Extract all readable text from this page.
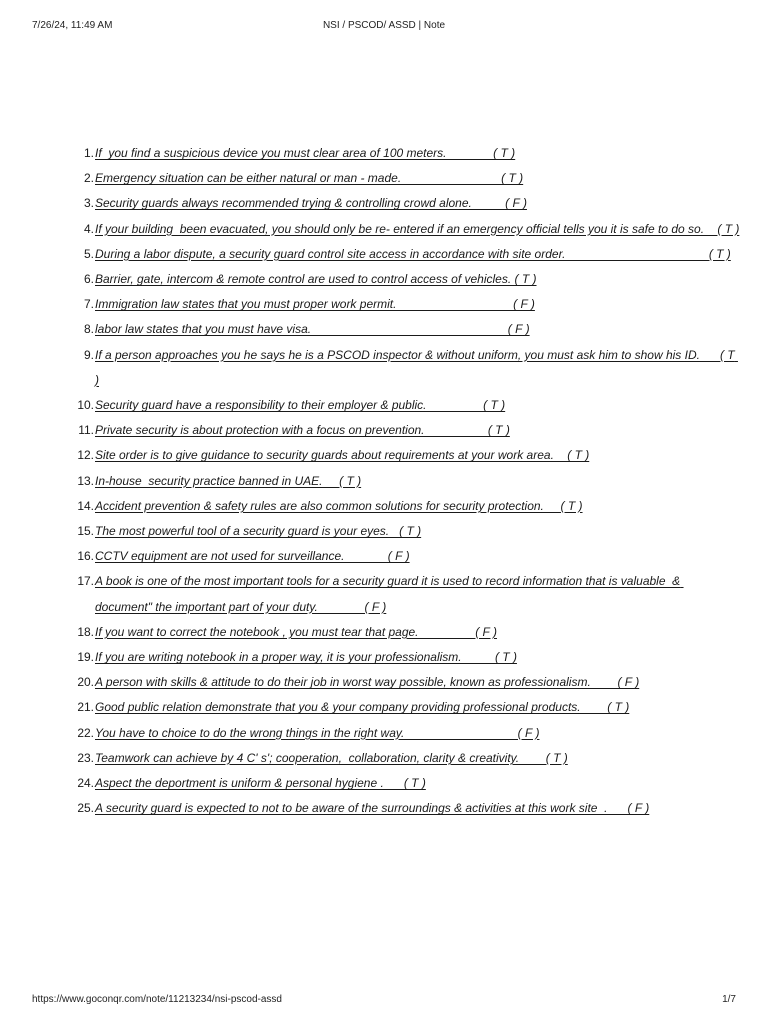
7/26/24, 11:49 AM	NSI / PSCOD/ ASSD | Note
1. If  you find a suspicious device you must clear area of 100 meters.              ( T )
2. Emergency situation can be either natural or man - made.                              ( T )
3. Security guards always recommended trying & controlling crowd alone.          ( F )
4. If your building  been evacuated, you should only be re- entered if an emergency official tells you it is safe to do so.    ( T )
5. During a labor dispute, a security guard control site access in accordance with site order.                                           ( T )
6. Barrier, gate, intercom & remote control are used to control access of vehicles. ( T )
7. Immigration law states that you must proper work permit.                                   ( F )
8. labor law states that you must have visa.                                                           ( F )
9. If a person approaches you he says he is a PSCOD inspector & without uniform, you must ask him to show his ID.      ( T )
10. Security guard have a responsibility to their employer & public.                 ( T )
11. Private security is about protection with a focus on prevention.                   ( T )
12. Site order is to give guidance to security guards about requirements at your work area.    ( T )
13. In-house  security practice banned in UAE.     ( T )
14. Accident prevention & safety rules are also common solutions for security protection.     ( T )
15. The most powerful tool of a security guard is your eyes.   ( T )
16. CCTV equipment are not used for surveillance.             ( F )
17. A book is one of the most important tools for a security guard it is used to record information that is valuable  & document" the important part of your duty.              ( F )
18. If you want to correct the notebook , you must tear that page.                 ( F )
19. If you are writing notebook in a proper way, it is your professionalism.          ( T )
20. A person with skills & attitude to do their job in worst way possible, known as professionalism.        ( F )
21. Good public relation demonstrate that you & your company providing professional products.        ( T )
22. You have to choice to do the wrong things in the right way.                                  ( F )
23. Teamwork can achieve by 4 C' s'; cooperation,  collaboration, clarity & creativity.        ( T )
24. Aspect the deportment is uniform & personal hygiene .      ( T )
25. A security guard is expected to not to be aware of the surroundings & activities at this work site  .      ( F )
https://www.goconqr.com/note/11213234/nsi-pscod-assd	1/7
